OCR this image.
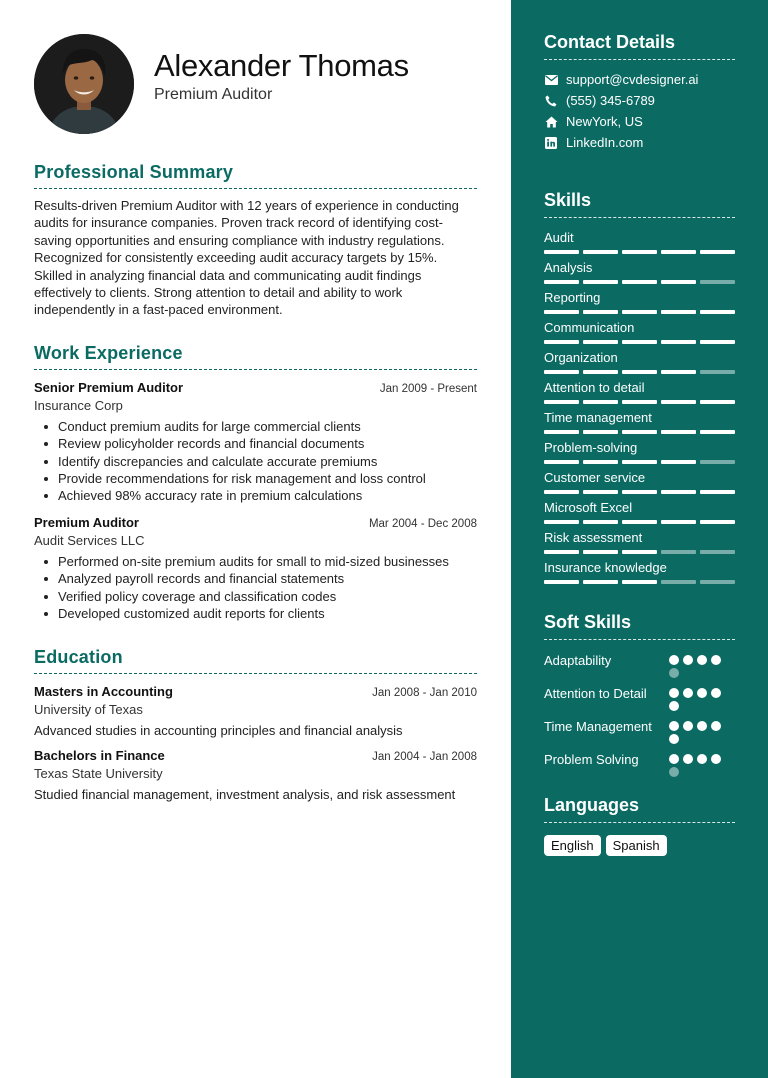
Alexander Thomas
Premium Auditor
Professional Summary
Results-driven Premium Auditor with 12 years of experience in conducting audits for insurance companies. Proven track record of identifying cost-saving opportunities and ensuring compliance with industry regulations. Recognized for consistently exceeding audit accuracy targets by 15%. Skilled in analyzing financial data and communicating audit findings effectively to clients. Strong attention to detail and ability to work independently in a fast-paced environment.
Work Experience
Senior Premium Auditor	Jan 2009 - Present
Insurance Corp
Conduct premium audits for large commercial clients
Review policyholder records and financial documents
Identify discrepancies and calculate accurate premiums
Provide recommendations for risk management and loss control
Achieved 98% accuracy rate in premium calculations
Premium Auditor	Mar 2004 - Dec 2008
Audit Services LLC
Performed on-site premium audits for small to mid-sized businesses
Analyzed payroll records and financial statements
Verified policy coverage and classification codes
Developed customized audit reports for clients
Education
Masters in Accounting	Jan 2008 - Jan 2010
University of Texas
Advanced studies in accounting principles and financial analysis
Bachelors in Finance	Jan 2004 - Jan 2008
Texas State University
Studied financial management, investment analysis, and risk assessment
Contact Details
support@cvdesigner.ai
(555) 345-6789
NewYork, US
LinkedIn.com
Skills
Audit
Analysis
Reporting
Communication
Organization
Attention to detail
Time management
Problem-solving
Customer service
Microsoft Excel
Risk assessment
Insurance knowledge
Soft Skills
Adaptability
Attention to Detail
Time Management
Problem Solving
Languages
English	Spanish
